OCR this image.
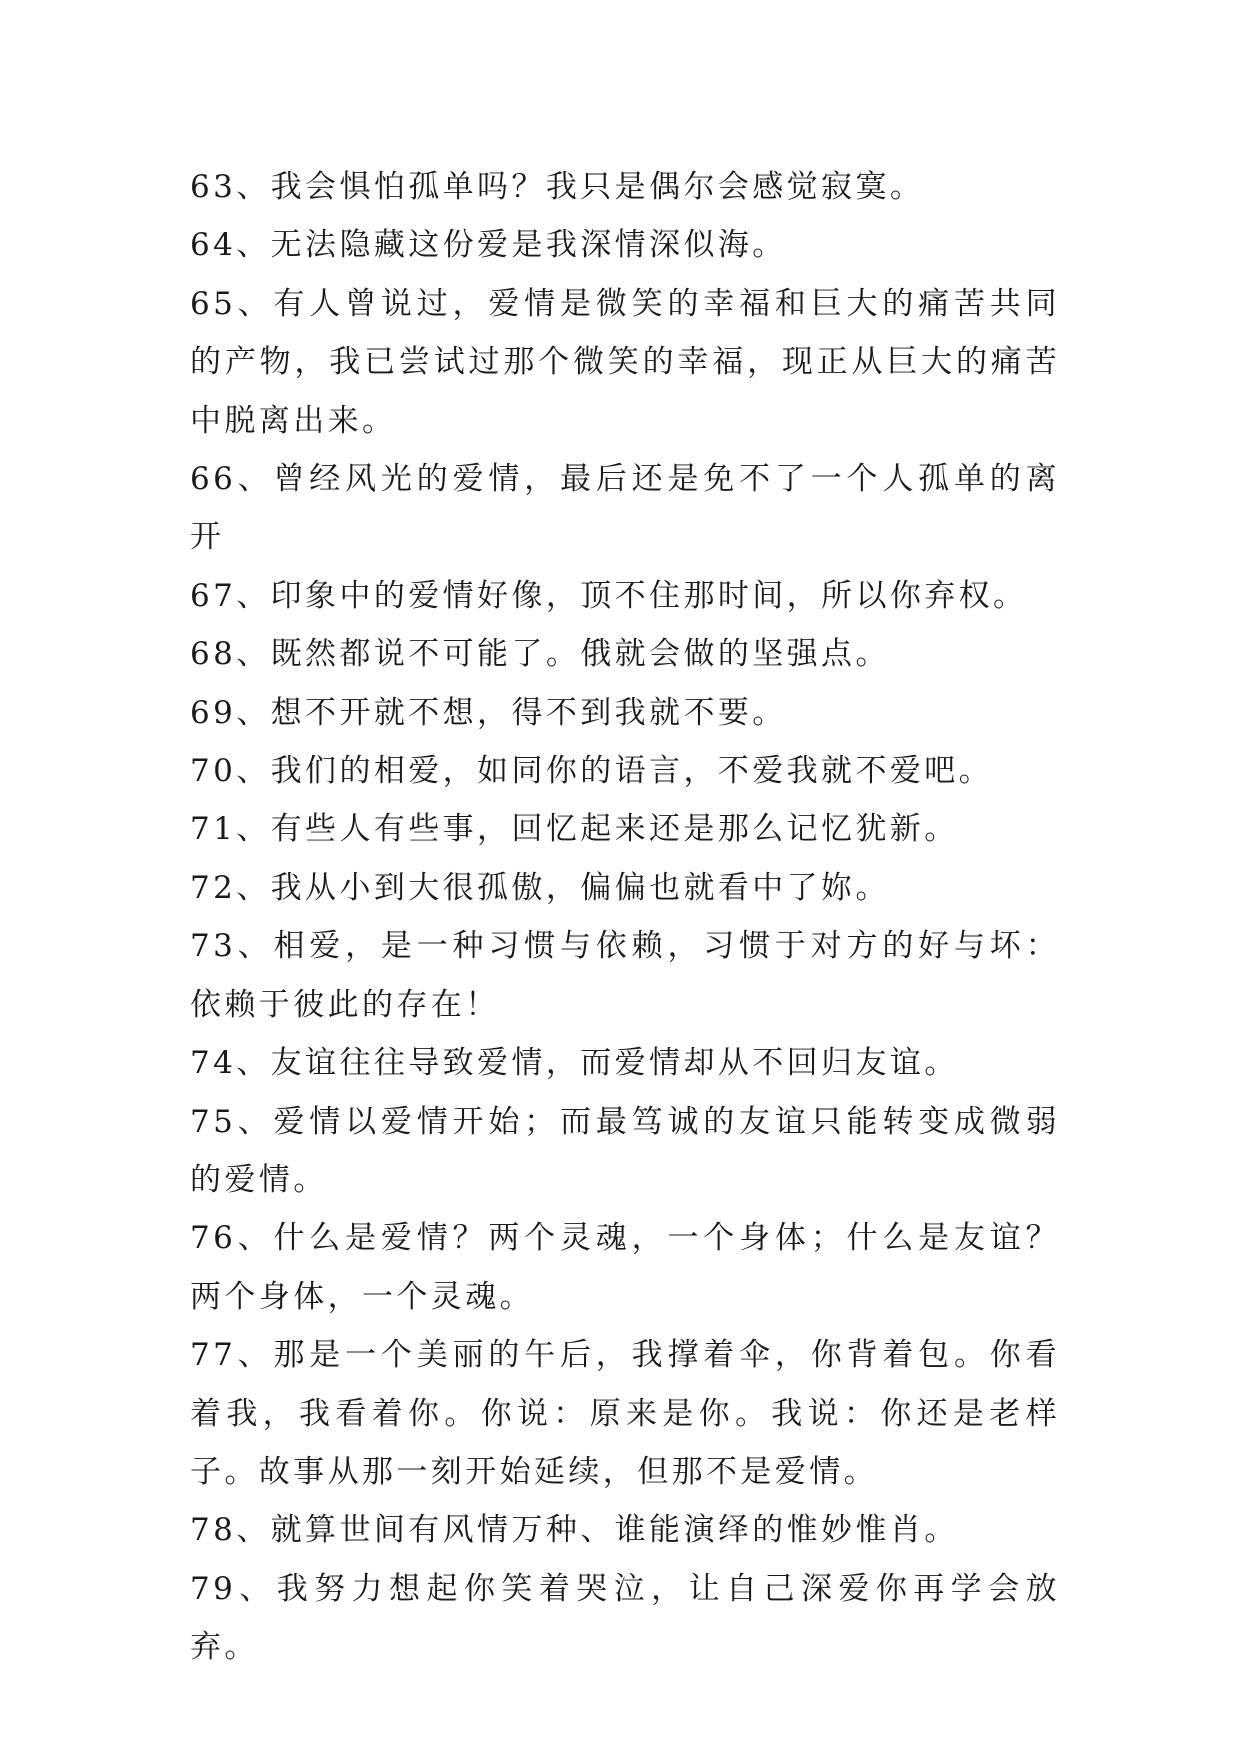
63、我会惧怕孤单吗？我只是偶尔会感觉寂寞。

64、无法隐藏这份爱是我深情深似海。

65、有人曾说过，爱情是微笑的幸福和巨大的痛苦共同的产物，我已尝试过那个微笑的幸福，现正从巨大的痛苦中脱离出来。

66、曾经风光的爱情，最后还是免不了一个人孤单的离开

67、印象中的爱情好像，顶不住那时间，所以你弃权。

68、既然都说不可能了。俄就会做的坚强点。

69、想不开就不想，得不到我就不要。

70、我们的相爱，如同你的语言，不爱我就不爱吧。

71、有些人有些事，回忆起来还是那么记忆犹新。

72、我从小到大很孤傲，偏偏也就看中了妳。

73、相爱，是一种习惯与依赖，习惯于对方的好与坏：依赖于彼此的存在！

74、友谊往往导致爱情，而爱情却从不回归友谊。

75、爱情以爱情开始；而最笃诚的友谊只能转变成微弱的爱情。

76、什么是爱情？两个灵魂，一个身体；什么是友谊？两个身体，一个灵魂。

77、那是一个美丽的午后，我撑着伞，你背着包。你看着我，我看着你。你说：原来是你。我说：你还是老样子。故事从那一刻开始延续，但那不是爱情。

78、就算世间有风情万种、谁能演绎的惟妙惟肖。

79、我努力想起你笑着哭泣，让自己深爱你再学会放弃。
